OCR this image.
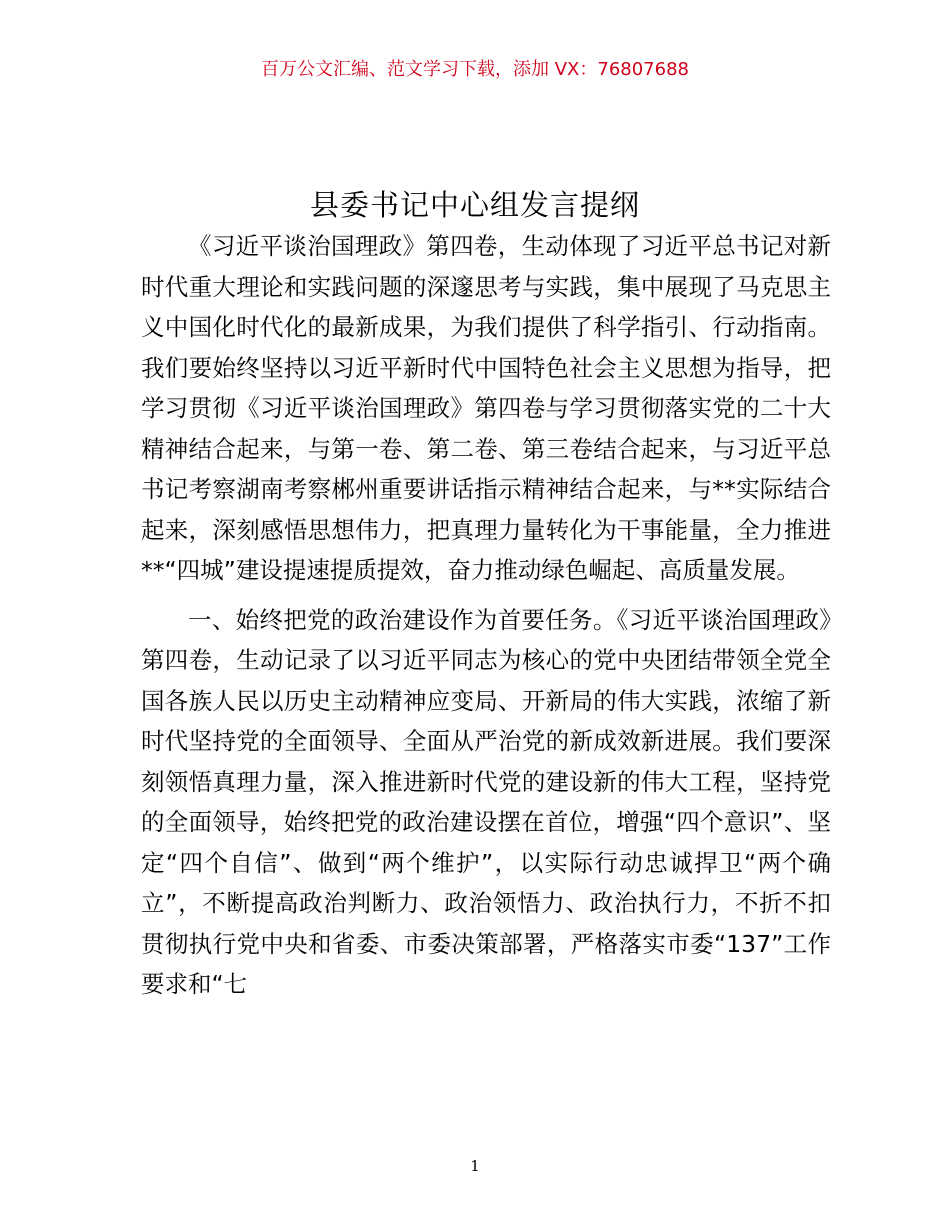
百万公文汇编、范文学习下载，添加 VX：76807688
县委书记中心组发言提纲

《习近平谈治国理政》第四卷，生动体现了习近平总书记对新时代重大理论和实践问题的深邃思考与实践，集中展现了马克思主义中国化时代化的最新成果，为我们提供了科学指引、行动指南。我们要始终坚持以习近平新时代中国特色社会主义思想为指导，把学习贯彻《习近平谈治国理政》第四卷与学习贯彻落实党的二十大精神结合起来，与第一卷、第二卷、第三卷结合起来，与习近平总书记考察湖南考察郴州重要讲话指示精神结合起来，与**实际结合起来，深刻感悟思想伟力，把真理力量转化为干事能量，全力推进**“四城”建设提速提质提效，奋力推动绿色崛起、高质量发展。

一、始终把党的政治建设作为首要任务。《习近平谈治国理政》第四卷，生动记录了以习近平同志为核心的党中央团结带领全党全国各族人民以历史主动精神应变局、开新局的伟大实践，浓缩了新时代坚持党的全面领导、全面从严治党的新成效新进展。我们要深刻领悟真理力量，深入推进新时代党的建设新的伟大工程，坚持党的全面领导，始终把党的政治建设摆在首位，增强“四个意识”、坚定“四个自信”、做到“两个维护”，以实际行动忠诚捍卫“两个确立”，不断提高政治判断力、政治领悟力、政治执行力，不折不扣贯彻执行党中央和省委、市委决策部署，严格落实市委“137”工作要求和“七

1
